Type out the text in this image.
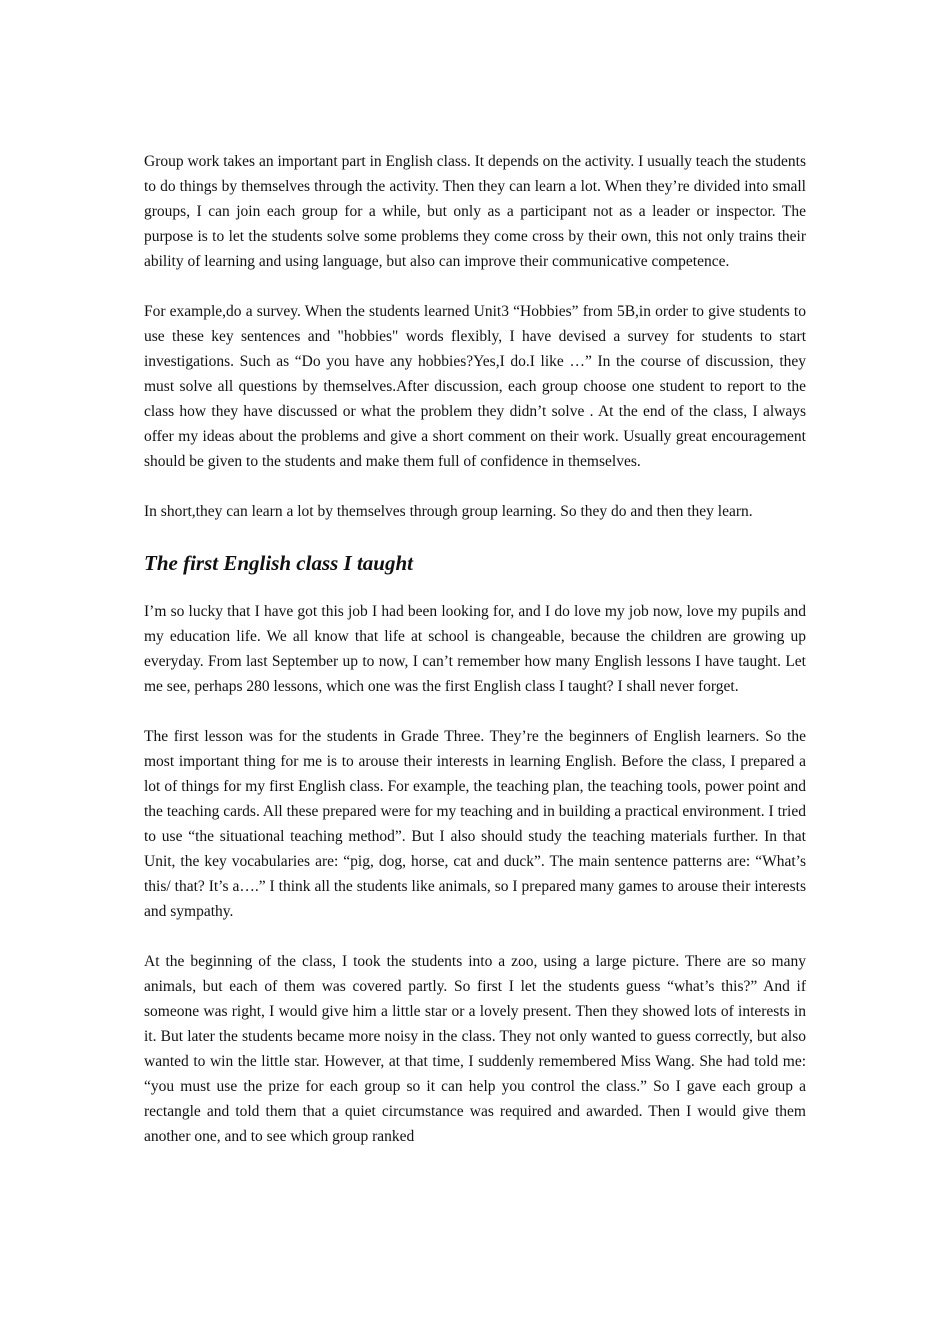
Group work takes an important part in English class. It depends on the activity. I usually teach the students to do things by themselves through the activity. Then they can learn a lot. When they’re divided into small groups, I can join each group for a while, but only as a participant not as a leader or inspector. The purpose is to let the students solve some problems they come cross by their own, this not only trains their ability of learning and using language, but also can improve their communicative competence.

For example,do a survey. When the students learned Unit3 “Hobbies” from 5B,in order to give students to use these key sentences and "hobbies" words flexibly, I have devised a survey for students to start investigations. Such as “Do you have any hobbies?Yes,I do.I like …” In the course of discussion, they must solve all questions by themselves.After discussion, each group choose one student to report to the class how they have discussed or what the problem they didn’t solve . At the end of the class, I always offer my ideas about the problems and give a short comment on their work. Usually great encouragement should be given to the students and make them full of confidence in themselves.

In short,they can learn a lot by themselves through group learning. So they do and then they learn.

The first English class I taught

I’m so lucky that I have got this job I had been looking for, and I do love my job now, love my pupils and my education life. We all know that life at school is changeable, because the children are growing up everyday. From last September up to now, I can’t remember how many English lessons I have taught. Let me see, perhaps 280 lessons, which one was the first English class I taught? I shall never forget.

The first lesson was for the students in Grade Three. They’re the beginners of English learners. So the most important thing for me is to arouse their interests in learning English. Before the class, I prepared a lot of things for my first English class. For example, the teaching plan, the teaching tools, power point and the teaching cards. All these prepared were for my teaching and in building a practical environment. I tried to use “the situational teaching method”. But I also should study the teaching materials further. In that Unit, the key vocabularies are: “pig, dog, horse, cat and duck”. The main sentence patterns are: “What’s this/ that? It’s a….” I think all the students like animals, so I prepared many games to arouse their interests and sympathy.

At the beginning of the class, I took the students into a zoo, using a large picture. There are so many animals, but each of them was covered partly. So first I let the students guess “what’s this?” And if someone was right, I would give him a little star or a lovely present. Then they showed lots of interests in it. But later the students became more noisy in the class. They not only wanted to guess correctly, but also wanted to win the little star. However, at that time, I suddenly remembered Miss Wang. She had told me: “you must use the prize for each group so it can help you control the class.” So I gave each group a rectangle and told them that a quiet circumstance was required and awarded. Then I would give them another one, and to see which group ranked
